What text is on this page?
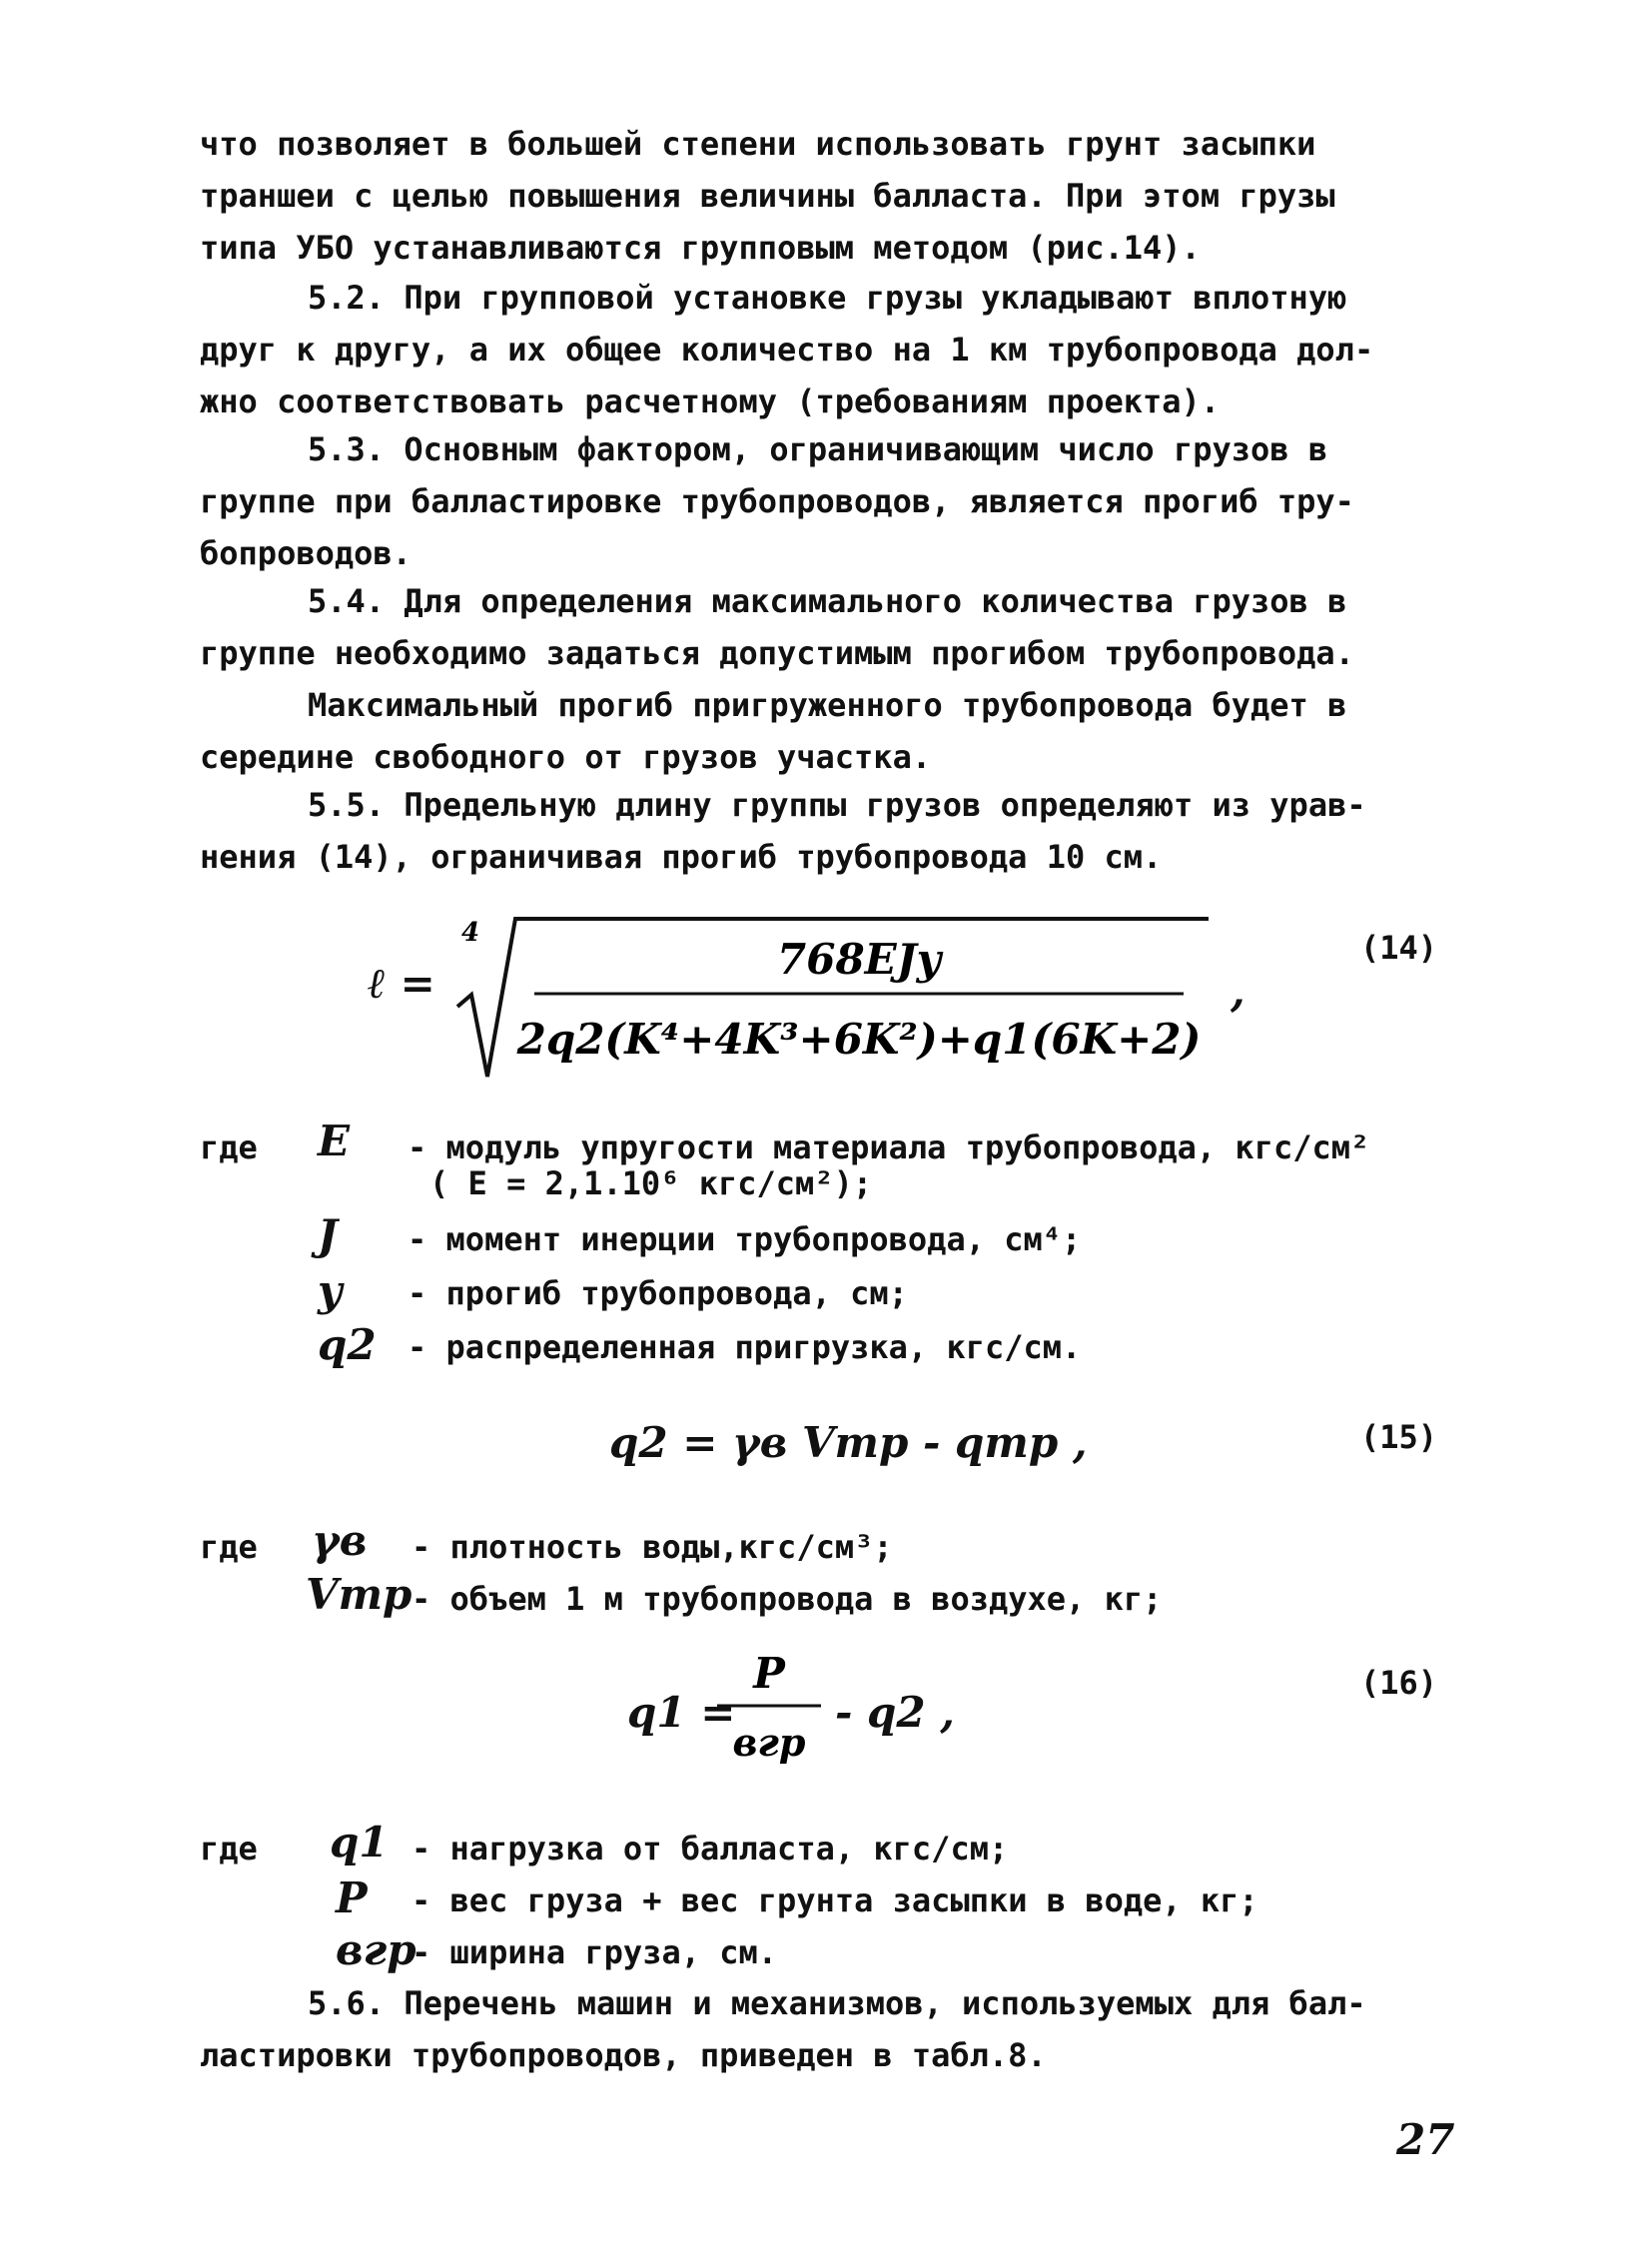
что позволяет в большей степени использовать грунт засыпки
траншеи с целью повышения величины балласта. При этом грузы
типа УБО устанавливаются групповым методом (рис.14).
5.2. При групповой установке грузы укладывают вплотную
друг к другу, а их общее количество на 1 км трубопровода дол-
жно соответствовать расчетному (требованиям проекта).
5.3. Основным фактором, ограничивающим число грузов в
группе при балластировке трубопроводов, является прогиб тру-
бопроводов.
5.4. Для определения максимального количества грузов в
группе необходимо задаться допустимым прогибом трубопровода.
Максимальный прогиб пригруженного трубопровода будет в
середине свободного от грузов участка.
5.5. Предельную длину группы грузов определяют из урав-
нения (14), ограничивая прогиб трубопровода 10 см.
ℓ =
4
768EJy
2q2(K⁴+4K³+6K²)+q1(6K+2)
,
(14)
где E - модуль упругости материала трубопровода, кгс/см²
( E = 2,1.10⁶ кгс/см²);
J - момент инерции трубопровода, см⁴;
y - прогиб трубопровода, см;
q2 - распределенная пригрузка, кгс/см.
q2 = γв Vтр - qтр ,	(15)
где γв - плотность воды,кгс/см³;
Vтр - объем 1 м трубопровода в воздухе, кг;
q1 =
P
вгр
- q2 ,
(16)
где q1 - нагрузка от балласта, кгс/см;
P - вес груза + вес грунта засыпки в воде, кг;
вгр
- ширина груза, см.
5.6. Перечень машин и механизмов, используемых для бал-
ластировки трубопроводов, приведен в табл.8.
27
